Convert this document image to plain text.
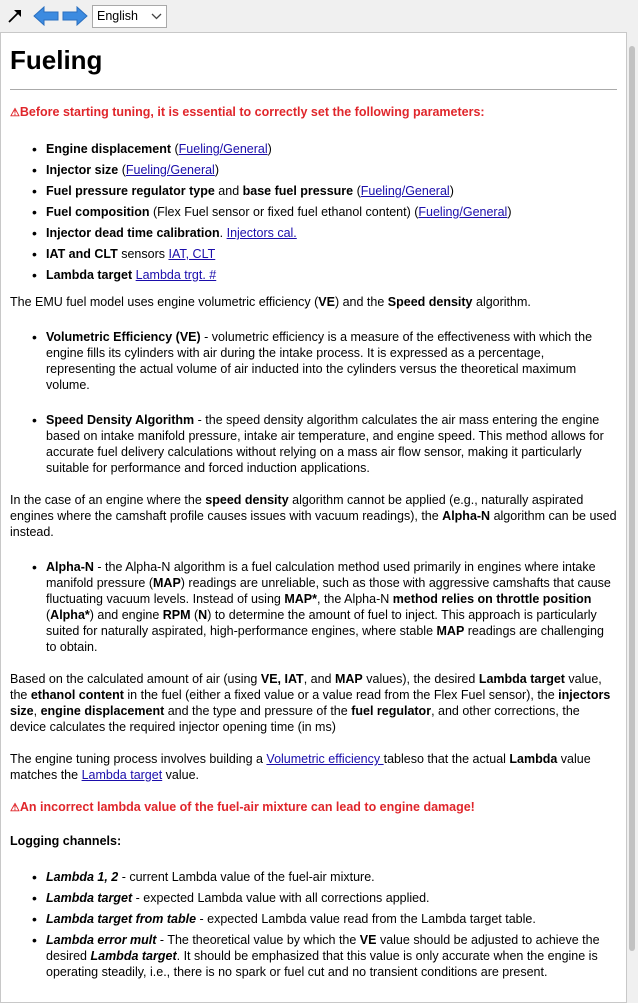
English
Fueling

⚠Before starting tuning, it is essential to correctly set the following parameters:

• Engine displacement (Fueling/General)
• Injector size (Fueling/General)
• Fuel pressure regulator type and base fuel pressure (Fueling/General)
• Fuel composition (Flex Fuel sensor or fixed fuel ethanol content) (Fueling/General)
• Injector dead time calibration. Injectors cal.
• IAT and CLT sensors IAT, CLT
• Lambda target Lambda trgt. #

The EMU fuel model uses engine volumetric efficiency (VE) and the Speed density algorithm.

• Volumetric Efficiency (VE) - volumetric efficiency is a measure of the effectiveness with which the engine fills its cylinders with air during the intake process. It is expressed as a percentage, representing the actual volume of air inducted into the cylinders versus the theoretical maximum volume.
• Speed Density Algorithm - the speed density algorithm calculates the air mass entering the engine based on intake manifold pressure, intake air temperature, and engine speed. This method allows for accurate fuel delivery calculations without relying on a mass air flow sensor, making it particularly suitable for performance and forced induction applications.

In the case of an engine where the speed density algorithm cannot be applied (e.g., naturally aspirated engines where the camshaft profile causes issues with vacuum readings), the Alpha-N algorithm can be used instead.

• Alpha-N - the Alpha-N algorithm is a fuel calculation method used primarily in engines where intake manifold pressure (MAP) readings are unreliable, such as those with aggressive camshafts that cause fluctuating vacuum levels. Instead of using MAP*, the Alpha-N method relies on throttle position (Alpha*) and engine RPM (N) to determine the amount of fuel to inject. This approach is particularly suited for naturally aspirated, high-performance engines, where stable MAP readings are challenging to obtain.

Based on the calculated amount of air (using VE, IAT, and MAP values), the desired Lambda target value, the ethanol content in the fuel (either a fixed value or a value read from the Flex Fuel sensor), the injectors size, engine displacement and the type and pressure of the fuel regulator, and other corrections, the device calculates the required injector opening time (in ms)

The engine tuning process involves building a Volumetric efficiency tableso that the actual Lambda value matches the Lambda target value.

⚠An incorrect lambda value of the fuel-air mixture can lead to engine damage!

Logging channels:

• Lambda 1, 2 - current Lambda value of the fuel-air mixture.
• Lambda target - expected Lambda value with all corrections applied.
• Lambda target from table - expected Lambda value read from the Lambda target table.
• Lambda error mult - The theoretical value by which the VE value should be adjusted to achieve the desired Lambda target. It should be emphasized that this value is only accurate when the engine is operating steadily, i.e., there is no spark or fuel cut and no transient conditions are present.
